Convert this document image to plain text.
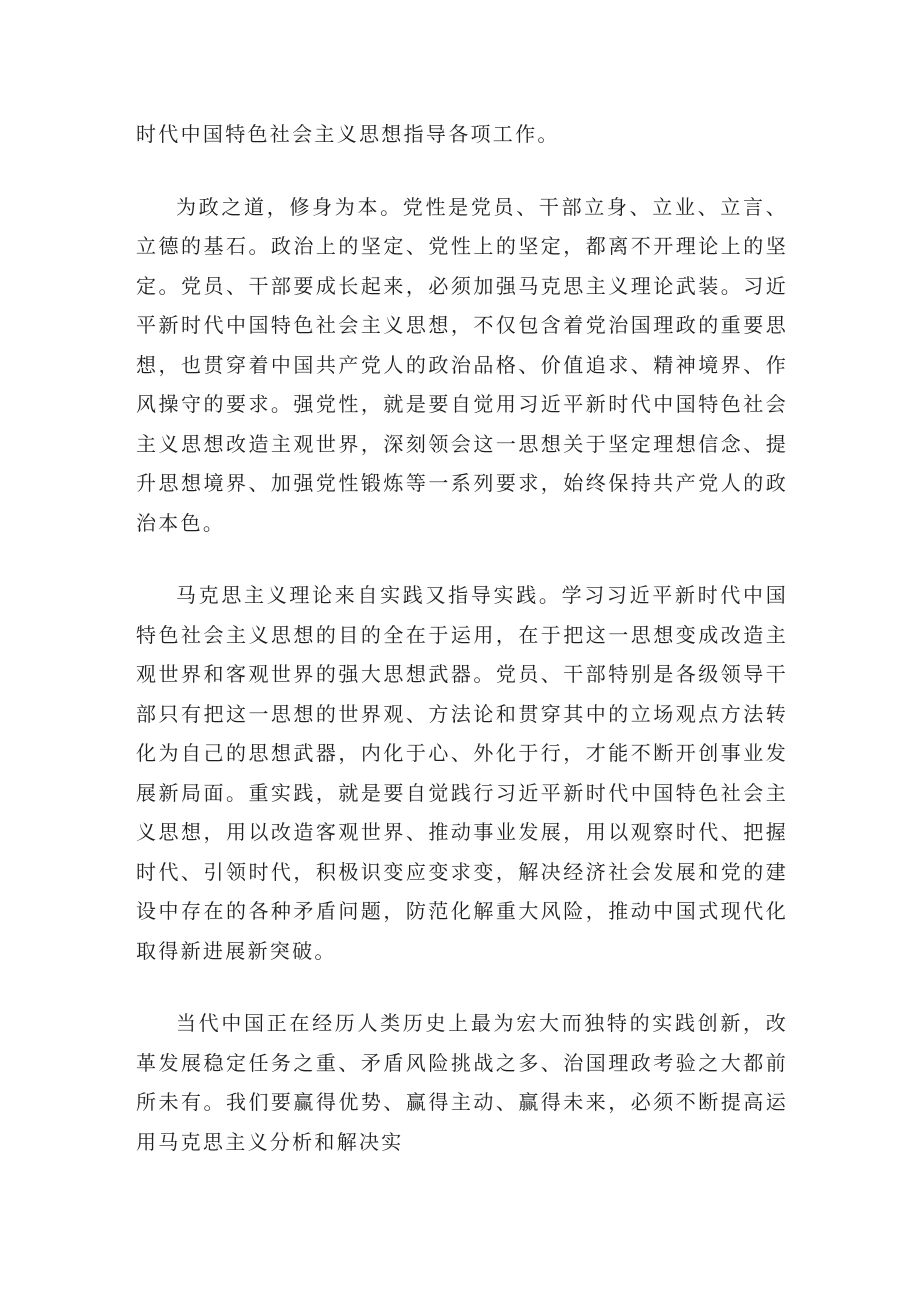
时代中国特色社会主义思想指导各项工作。

为政之道，修身为本。党性是党员、干部立身、立业、立言、立德的基石。政治上的坚定、党性上的坚定，都离不开理论上的坚定。党员、干部要成长起来，必须加强马克思主义理论武装。习近平新时代中国特色社会主义思想，不仅包含着党治国理政的重要思想，也贯穿着中国共产党人的政治品格、价值追求、精神境界、作风操守的要求。强党性，就是要自觉用习近平新时代中国特色社会主义思想改造主观世界，深刻领会这一思想关于坚定理想信念、提升思想境界、加强党性锻炼等一系列要求，始终保持共产党人的政治本色。

马克思主义理论来自实践又指导实践。学习习近平新时代中国特色社会主义思想的目的全在于运用，在于把这一思想变成改造主观世界和客观世界的强大思想武器。党员、干部特别是各级领导干部只有把这一思想的世界观、方法论和贯穿其中的立场观点方法转化为自己的思想武器，内化于心、外化于行，才能不断开创事业发展新局面。重实践，就是要自觉践行习近平新时代中国特色社会主义思想，用以改造客观世界、推动事业发展，用以观察时代、把握时代、引领时代，积极识变应变求变，解决经济社会发展和党的建设中存在的各种矛盾问题，防范化解重大风险，推动中国式现代化取得新进展新突破。

当代中国正在经历人类历史上最为宏大而独特的实践创新，改革发展稳定任务之重、矛盾风险挑战之多、治国理政考验之大都前所未有。我们要赢得优势、赢得主动、赢得未来，必须不断提高运用马克思主义分析和解决实
